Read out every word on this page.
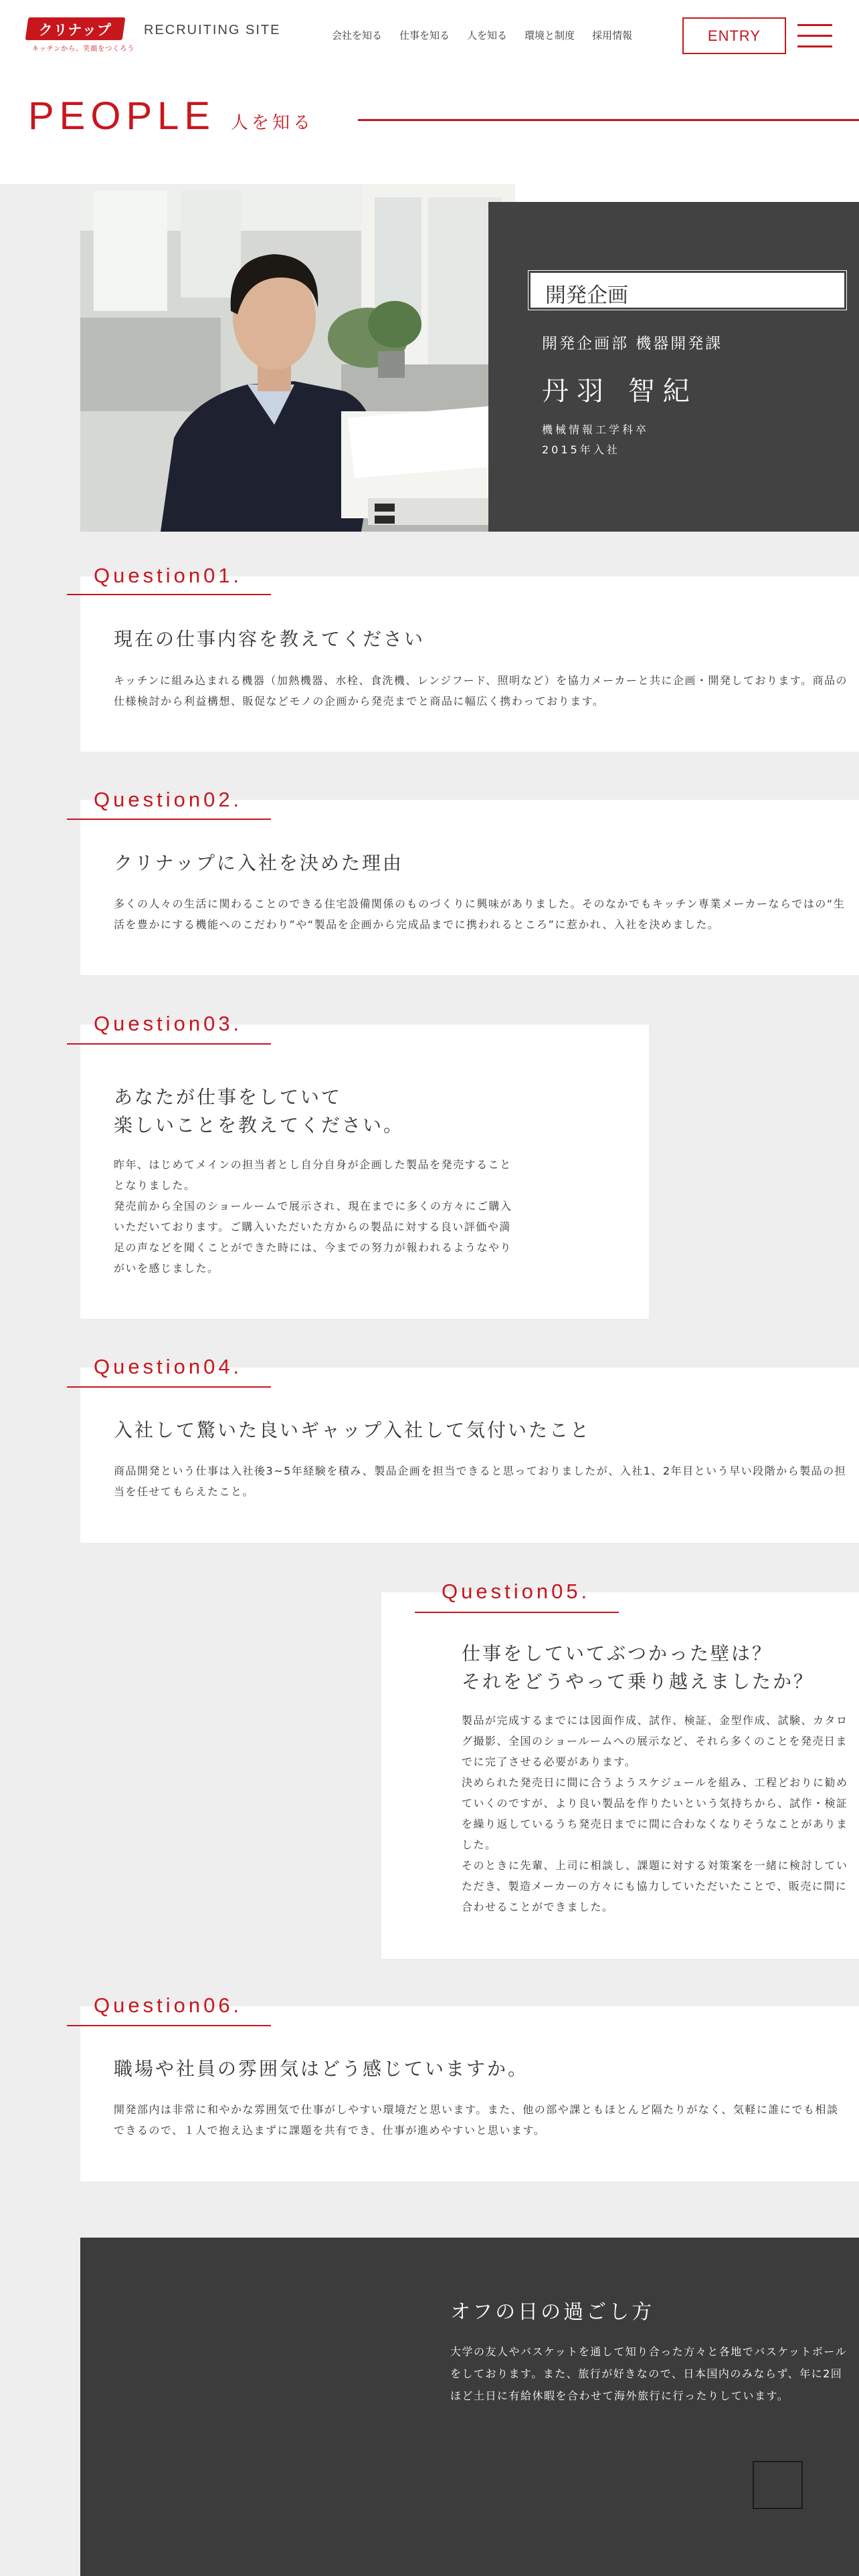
クリナップ
キッチンから、笑顔をつくろう
RECRUITING SITE	会社を知る 仕事を知る 人を知る 環境と制度 採用情報	ENTRY
PEOPLE 人を知る
開発企画
開発企画部 機器開発課
丹羽 智紀
機械情報工学科卒
2015年入社
Question01.
現在の仕事内容を教えてください

キッチンに組み込まれる機器（加熱機器、水栓、食洗機、レンジフード、照明など）を協力メーカーと共に企画・開発しております。商品の仕様検討から利益構想、販促などモノの企画から発売までと商品に幅広く携わっております。

Question02.
クリナップに入社を決めた理由

多くの人々の生活に関わることのできる住宅設備関係のものづくりに興味がありました。そのなかでもキッチン専業メーカーならではの“生活を豊かにする機能へのこだわり”や“製品を企画から完成品までに携われるところ”に惹かれ、入社を決めました。

Question03.
あなたが仕事をしていて
楽しいことを教えてください。

昨年、はじめてメインの担当者とし自分自身が企画した製品を発売することとなりました。

発売前から全国のショールームで展示され、現在までに多くの方々にご購入いただいております。ご購入いただいた方からの製品に対する良い評価や満足の声などを聞くことができた時には、今までの努力が報われるようなやりがいを感じました。

Question04.
入社して驚いた良いギャップ入社して気付いたこと

商品開発という仕事は入社後3~5年経験を積み、製品企画を担当できると思っておりましたが、入社1、2年目という早い段階から製品の担当を任せてもらえたこと。

Question05.
仕事をしていてぶつかった壁は？
それをどうやって乗り越えましたか？

製品が完成するまでには図面作成、試作、検証、金型作成、試験、カタログ撮影、全国のショールームへの展示など、それら多くのことを発売日までに完了させる必要があります。

決められた発売日に間に合うようスケジュールを組み、工程どおりに勧めていくのですが、より良い製品を作りたいという気持ちから、試作・検証を繰り返しているうち発売日までに間に合わなくなりそうなことがありました。

そのときに先輩、上司に相談し、課題に対する対策案を一緒に検討していただき、製造メーカーの方々にも協力していただいたことで、販売に間に合わせることができました。

Question06.
職場や社員の雰囲気はどう感じていますか。

開発部内は非常に和やかな雰囲気で仕事がしやすい環境だと思います。また、他の部や課ともほとんど隔たりがなく、気軽に誰にでも相談できるので、１人で抱え込まずに課題を共有でき、仕事が進めやすいと思います。

オフの日の過ごし方
大学の友人やバスケットを通して知り合った方々と各地でバスケットボールをしております。また、旅行が好きなので、日本国内のみならず、年に2回ほど土日に有給休暇を合わせて海外旅行に行ったりしています。
